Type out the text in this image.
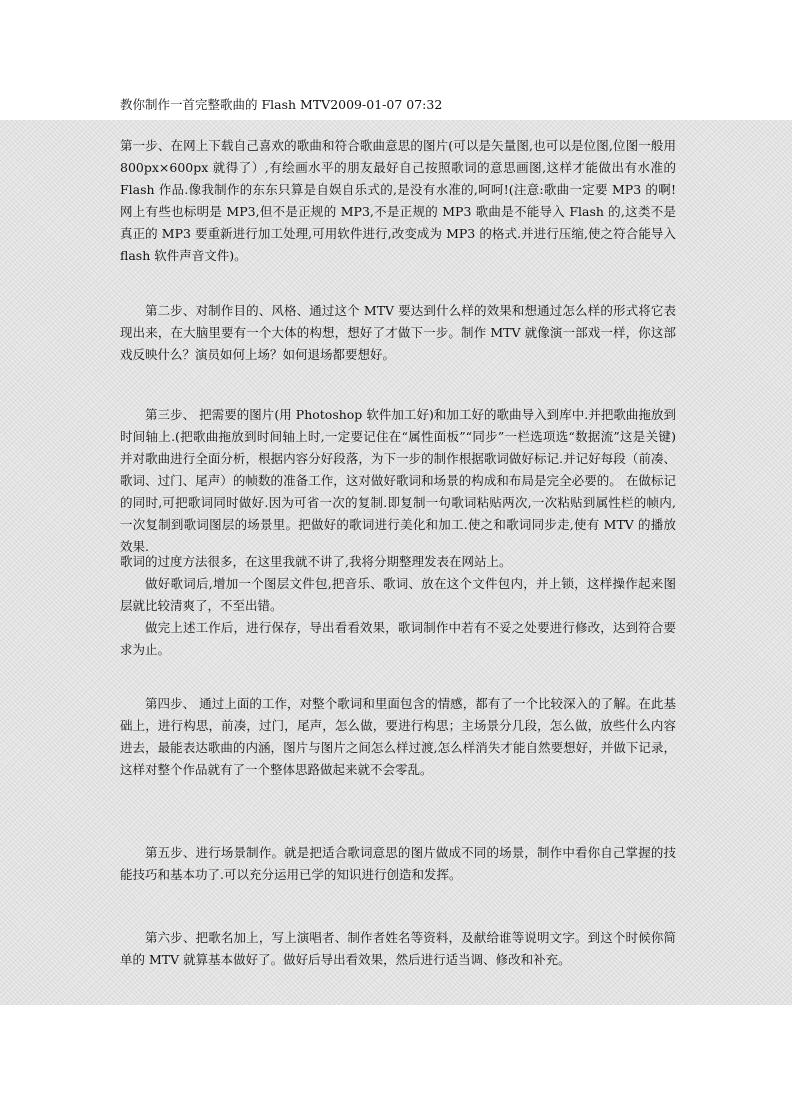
教你制作一首完整歌曲的 Flash MTV2009-01-07 07:32

第一步、在网上下载自己喜欢的歌曲和符合歌曲意思的图片(可以是矢量图,也可以是位图,位图一般用 800px×600px 就得了）,有绘画水平的朋友最好自己按照歌词的意思画图,这样才能做出有水准的 Flash 作品.像我制作的东东只算是自娱自乐式的,是没有水准的,呵呵!(注意:歌曲一定要 MP3 的啊!网上有些也标明是 MP3,但不是正规的 MP3,不是正规的 MP3 歌曲是不能导入 Flash 的,这类不是真正的 MP3 要重新进行加工处理,可用软件进行,改变成为 MP3 的格式.并进行压缩,使之符合能导入 flash 软件声音文件)。

第二步、对制作目的、风格、通过这个 MTV 要达到什么样的效果和想通过怎么样的形式将它表现出来，在大脑里要有一个大体的构想，想好了才做下一步。制作 MTV 就像演一部戏一样，你这部戏反映什么？演员如何上场？如何退场都要想好。

第三步、 把需要的图片(用 Photoshop 软件加工好)和加工好的歌曲导入到库中.并把歌曲拖放到时间轴上.(把歌曲拖放到时间轴上时,一定要记住在“属性面板”“同步”一栏选项选“数据流”这是关键)并对歌曲进行全面分析，根据内容分好段落，为下一步的制作根据歌词做好标记.并记好每段（前凑、歌词、过门、尾声）的帧数的准备工作，这对做好歌词和场景的构成和布局是完全必要的。 在做标记的同时,可把歌词同时做好.因为可省一次的复制.即复制一句歌词粘贴两次,一次粘贴到属性栏的帧内,一次复制到歌词图层的场景里。把做好的歌词进行美化和加工.使之和歌词同步走,使有 MTV 的播放效果.

歌词的过度方法很多，在这里我就不讲了,我将分期整理发表在网站上。

做好歌词后,增加一个图层文件包,把音乐、歌词、放在这个文件包内，并上锁，这样操作起来图层就比较清爽了，不至出错。

做完上述工作后，进行保存，导出看看效果，歌词制作中若有不妥之处要进行修改，达到符合要求为止。

第四步、 通过上面的工作，对整个歌词和里面包含的情感，都有了一个比较深入的了解。在此基础上，进行构思，前凑，过门，尾声，怎么做，要进行构思；主场景分几段，怎么做，放些什么内容进去，最能表达歌曲的内涵，图片与图片之间怎么样过渡,怎么样消失才能自然要想好，并做下记录，这样对整个作品就有了一个整体思路做起来就不会零乱。

第五步、进行场景制作。就是把适合歌词意思的图片做成不同的场景，制作中看你自己掌握的技能技巧和基本功了.可以充分运用已学的知识进行创造和发挥。

第六步、把歌名加上，写上演唱者、制作者姓名等资料，及献给谁等说明文字。到这个时候你简单的 MTV 就算基本做好了。做好后导出看效果，然后进行适当调、修改和补充。
